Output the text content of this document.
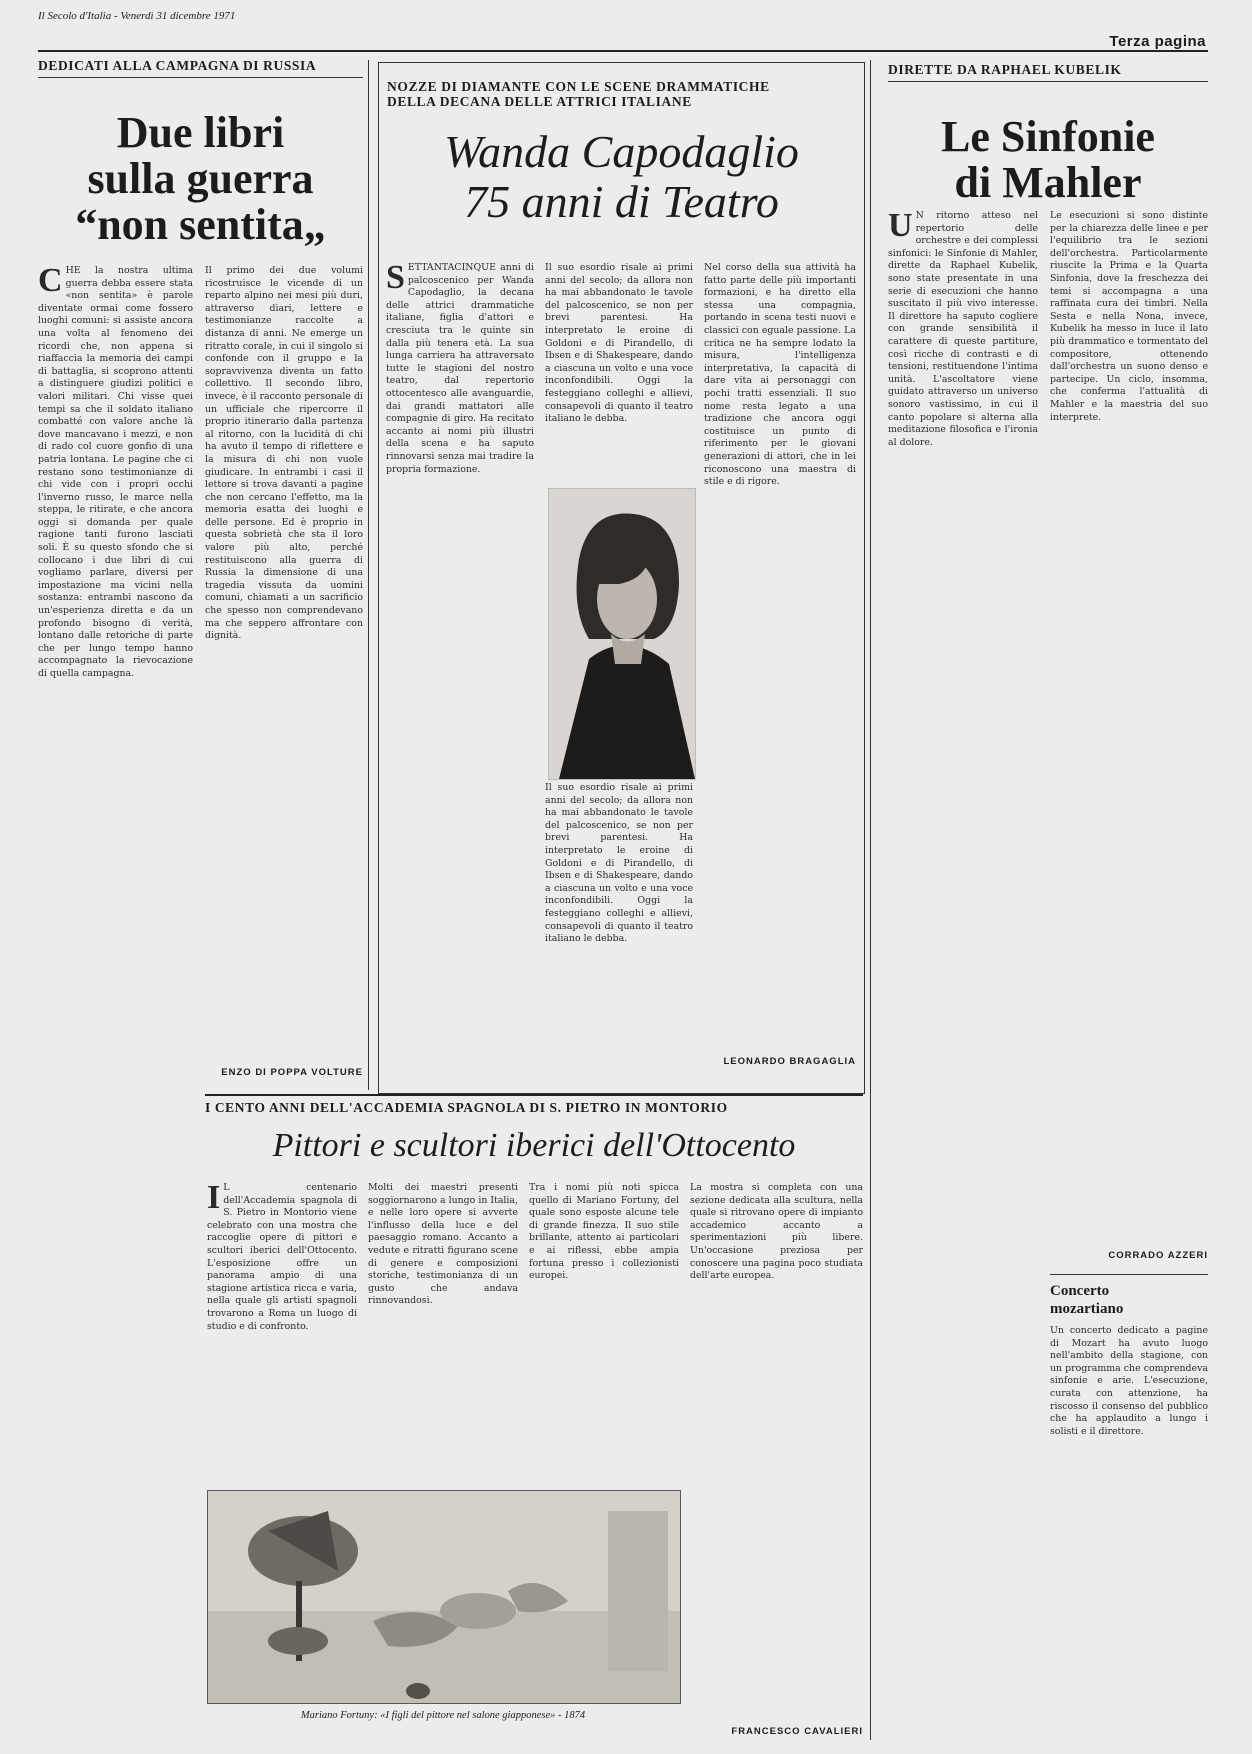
Il Secolo d'Italia - Venerdì 31 dicembre 1971
Terza pagina
DEDICATI ALLA CAMPAGNA DI RUSSIA
Due libri
sulla guerra
“non sentita„
CHE la nostra ultima guerra debba essere stata «non sentita» è parole diventate ormai come fossero luoghi comuni: si assiste ancora una volta al fenomeno dei ricordi che, non appena si riaffaccia la memoria dei campi di battaglia, si scoprono attenti a distinguere giudizi politici e valori militari. Chi visse quei tempi sa che il soldato italiano combatté con valore anche là dove mancavano i mezzi, e non di rado col cuore gonfio di una patria lontana. Le pagine che ci restano sono testimonianze di chi vide con i propri occhi l'inverno russo, le marce nella steppa, le ritirate, e che ancora oggi si domanda per quale ragione tanti furono lasciati soli. È su questo sfondo che si collocano i due libri di cui vogliamo parlare, diversi per impostazione ma vicini nella sostanza: entrambi nascono da un'esperienza diretta e da un profondo bisogno di verità, lontano dalle retoriche di parte che per lungo tempo hanno accompagnato la rievocazione di quella campagna.
Il primo dei due volumi ricostruisce le vicende di un reparto alpino nei mesi più duri, attraverso diari, lettere e testimonianze raccolte a distanza di anni. Ne emerge un ritratto corale, in cui il singolo si confonde con il gruppo e la sopravvivenza diventa un fatto collettivo. Il secondo libro, invece, è il racconto personale di un ufficiale che ripercorre il proprio itinerario dalla partenza al ritorno, con la lucidità di chi ha avuto il tempo di riflettere e la misura di chi non vuole giudicare. In entrambi i casi il lettore si trova davanti a pagine che non cercano l'effetto, ma la memoria esatta dei luoghi e delle persone. Ed è proprio in questa sobrietà che sta il loro valore più alto, perché restituiscono alla guerra di Russia la dimensione di una tragedia vissuta da uomini comuni, chiamati a un sacrificio che spesso non comprendevano ma che seppero affrontare con dignità.
ENZO DI POPPA VOLTURE
NOZZE DI DIAMANTE CON LE SCENE DRAMMATICHE
DELLA DECANA DELLE ATTRICI ITALIANE
Wanda Capodaglio
75 anni di Teatro
SETTANTACINQUE anni di palcoscenico per Wanda Capodaglio, la decana delle attrici drammatiche italiane, figlia d'attori e cresciuta tra le quinte sin dalla più tenera età. La sua lunga carriera ha attraversato tutte le stagioni del nostro teatro, dal repertorio ottocentesco alle avanguardie, dai grandi mattatori alle compagnie di giro. Ha recitato accanto ai nomi più illustri della scena e ha saputo rinnovarsi senza mai tradire la propria formazione.
Il suo esordio risale ai primi anni del secolo; da allora non ha mai abbandonato le tavole del palcoscenico, se non per brevi parentesi. Ha interpretato le eroine di Goldoni e di Pirandello, di Ibsen e di Shakespeare, dando a ciascuna un volto e una voce inconfondibili. Oggi la festeggiano colleghi e allievi, consapevoli di quanto il teatro italiano le debba.
Il suo esordio risale ai primi anni del secolo; da allora non ha mai abbandonato le tavole del palcoscenico, se non per brevi parentesi. Ha interpretato le eroine di Goldoni e di Pirandello, di Ibsen e di Shakespeare, dando a ciascuna un volto e una voce inconfondibili. Oggi la festeggiano colleghi e allievi, consapevoli di quanto il teatro italiano le debba.
Nel corso della sua attività ha fatto parte delle più importanti formazioni, e ha diretto ella stessa una compagnia, portando in scena testi nuovi e classici con eguale passione. La critica ne ha sempre lodato la misura, l'intelligenza interpretativa, la capacità di dare vita ai personaggi con pochi tratti essenziali. Il suo nome resta legato a una tradizione che ancora oggi costituisce un punto di riferimento per le giovani generazioni di attori, che in lei riconoscono una maestra di stile e di rigore.
LEONARDO BRAGAGLIA
DIRETTE DA RAPHAEL KUBELIK
Le Sinfonie
di Mahler
U N ritorno atteso nel repertorio delle orchestre e dei complessi sinfonici: le Sinfonie di Mahler, dirette da Raphael Kubelik, sono state presentate in una serie di esecuzioni che hanno suscitato il più vivo interesse. Il direttore ha saputo cogliere con grande sensibilità il carattere di queste partiture, così ricche di contrasti e di tensioni, restituendone l'intima unità. L'ascoltatore viene guidato attraverso un universo sonoro vastissimo, in cui il canto popolare si alterna alla meditazione filosofica e l'ironia al dolore.
Le esecuzioni si sono distinte per la chiarezza delle linee e per l'equilibrio tra le sezioni dell'orchestra. Particolarmente riuscite la Prima e la Quarta Sinfonia, dove la freschezza dei temi si accompagna a una raffinata cura dei timbri. Nella Sesta e nella Nona, invece, Kubelik ha messo in luce il lato più drammatico e tormentato del compositore, ottenendo dall'orchestra un suono denso e partecipe. Un ciclo, insomma, che conferma l'attualità di Mahler e la maestria del suo interprete.
CORRADO AZZERI
Concerto
mozartiano
Un concerto dedicato a pagine di Mozart ha avuto luogo nell'ambito della stagione, con un programma che comprendeva sinfonie e arie. L'esecuzione, curata con attenzione, ha riscosso il consenso del pubblico che ha applaudito a lungo i solisti e il direttore.
I CENTO ANNI DELL'ACCADEMIA SPAGNOLA DI S. PIETRO IN MONTORIO
Pittori e scultori iberici dell'Ottocento
I L centenario dell'Accademia spagnola di S. Pietro in Montorio viene celebrato con una mostra che raccoglie opere di pittori e scultori iberici dell'Ottocento. L'esposizione offre un panorama ampio di una stagione artistica ricca e varia, nella quale gli artisti spagnoli trovarono a Roma un luogo di studio e di confronto.
Molti dei maestri presenti soggiornarono a lungo in Italia, e nelle loro opere si avverte l'influsso della luce e del paesaggio romano. Accanto a vedute e ritratti figurano scene di genere e composizioni storiche, testimonianza di un gusto che andava rinnovandosi.
Tra i nomi più noti spicca quello di Mariano Fortuny, del quale sono esposte alcune tele di grande finezza. Il suo stile brillante, attento ai particolari e ai riflessi, ebbe ampia fortuna presso i collezionisti europei.
La mostra si completa con una sezione dedicata alla scultura, nella quale si ritrovano opere di impianto accademico accanto a sperimentazioni più libere. Un'occasione preziosa per conoscere una pagina poco studiata dell'arte europea.
Mariano Fortuny: «I figli del pittore nel salone giapponese» - 1874
FRANCESCO CAVALIERI
